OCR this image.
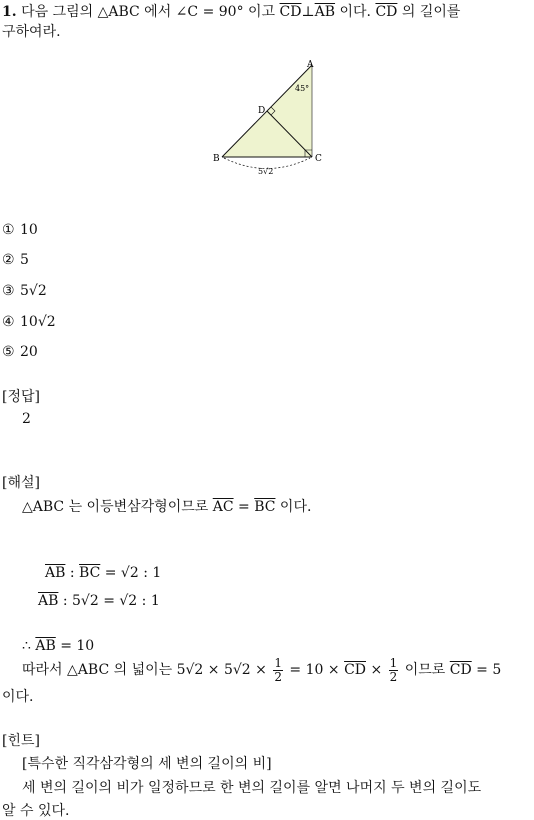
1. 다음 그림의 △ABC 에서 ∠C = 90° 이고 $\overline{CD}\perp\overline{AB}$ 이다. $\overline{CD}$ 의 길이를
구하여라.
A
B	C
D
45°
5√2
① 10
② 5
③ 5√2
④ 10√2
⑤ 20
[정답]
2
[해설]
△ABC 는 이등변삼각형이므로 $\overline{AC} = \overline{BC}$ 이다.
$\overline{AB}$ : $\overline{BC} = √2$ : 1
$\overline{AB}$ : 5√2 = √2 : 1
∴ $\overline{AB} = 10$
따라서 △ABC 의 넓이는 $5√2 \times 5√2 \times \frac{1}{2} = 10 \times \overline{CD} \times \frac{1}{2}$ 이므로 $\overline{CD} = 5$
이다.
[힌트]
[특수한 직각삼각형의 세 변의 길이의 비]
세 변의 길이의 비가 일정하므로 한 변의 길이를 알면 나머지 두 변의 길이도
알 수 있다.
